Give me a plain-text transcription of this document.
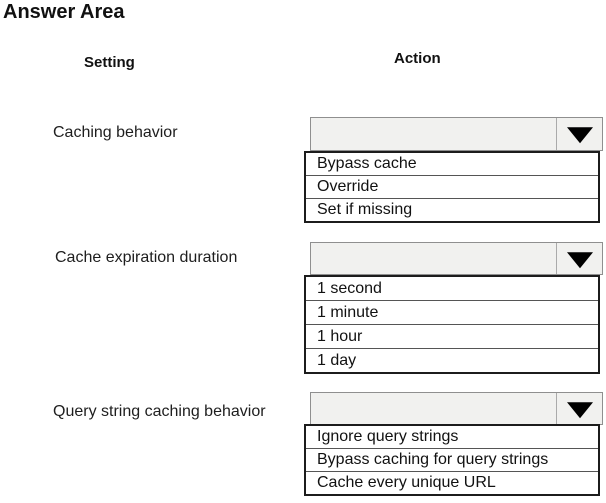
Answer Area
Setting	Action
Caching behavior
Bypass cache
Override
Set if missing
Cache expiration duration
1 second
1 minute
1 hour
1 day
Query string caching behavior
Ignore query strings
Bypass caching for query strings
Cache every unique URL
